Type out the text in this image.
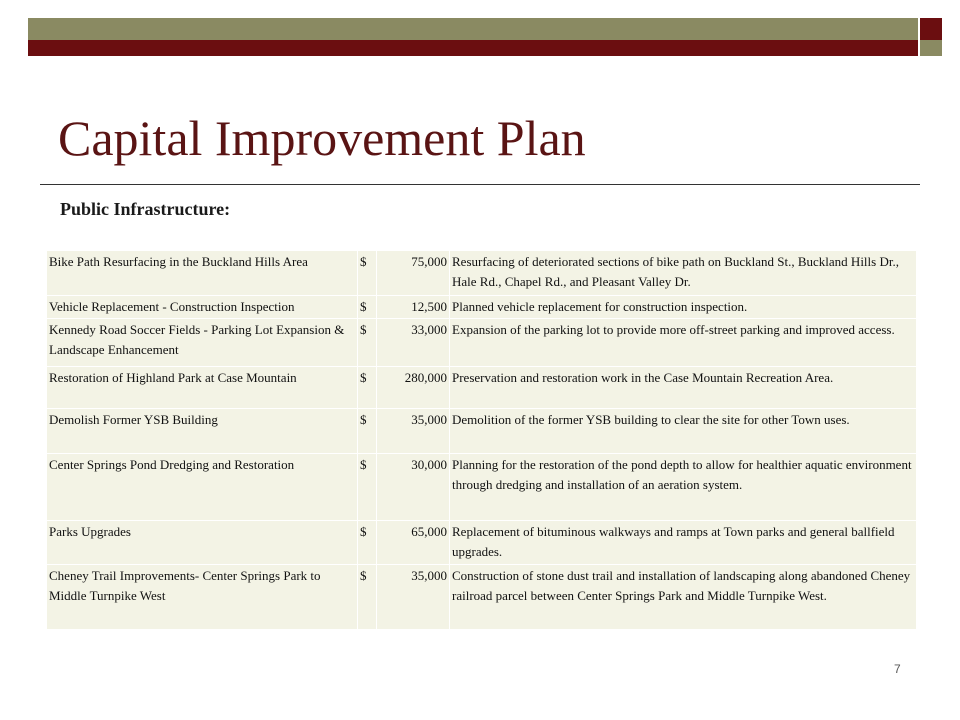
Capital Improvement Plan
Public Infrastructure:
Bike Path Resurfacing in the Buckland Hills Area	$	75,000	Resurfacing of deteriorated sections of bike path on Buckland St., Buckland Hills Dr., Hale Rd., Chapel Rd., and Pleasant Valley Dr.
Vehicle Replacement - Construction Inspection	$	12,500	Planned vehicle replacement for construction inspection.
Kennedy Road Soccer Fields - Parking Lot Expansion & Landscape Enhancement	$	33,000	Expansion of the parking lot to provide more off-street parking and improved access.
Restoration of Highland Park at Case Mountain	$	280,000	Preservation and restoration work in the Case Mountain Recreation Area.
Demolish Former YSB Building	$	35,000	Demolition of the former YSB building to clear the site for other Town uses.
Center Springs Pond Dredging and Restoration	$	30,000	Planning for the restoration of the pond depth to allow for healthier aquatic environment through dredging and installation of an aeration system.
Parks Upgrades	$	65,000	Replacement of bituminous walkways and ramps at Town parks and general ballfield upgrades.
Cheney Trail Improvements- Center Springs Park to Middle Turnpike West	$	35,000	Construction of stone dust trail and installation of landscaping along abandoned Cheney railroad parcel between Center Springs Park and Middle Turnpike West.
7
